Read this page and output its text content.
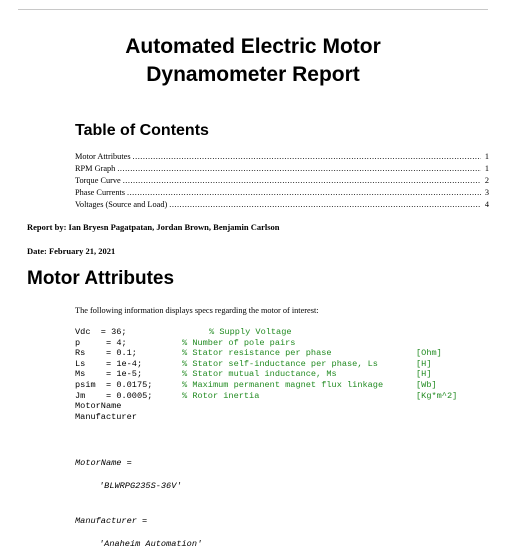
Automated Electric Motor
Dynamometer Report
Table of Contents
Motor Attributes .....	1
RPM Graph .....	1
Torque Curve .....	2
Phase Currents .....	3
Voltages (Source and Load) .....	4
Report by: Ian Bryesn Pagatpatan, Jordan Brown, Benjamin Carlson
Date: February 21, 2021
Motor Attributes
The following information displays specs regarding the motor of interest:
Vdc  = 36;	% Supply Voltage
p	= 4;	% Number of pole pairs
Rs = 0.1;	% Stator resistance per phase	[Ohm]
Ls = 1e-4;	% Stator self-inductance per phase, Ls	[H]
Ms = 1e-5;	% Stator mutual inductance, Ms	[H]
psim = 0.0175;	% Maximum permanent magnet flux linkage	[Wb]
Jm = 0.0005;	% Rotor inertia	[Kg*m^2]
MotorName
Manufacturer
MotorName =
'BLWRPG235S-36V'
Manufacturer =
'Anaheim Automation'
